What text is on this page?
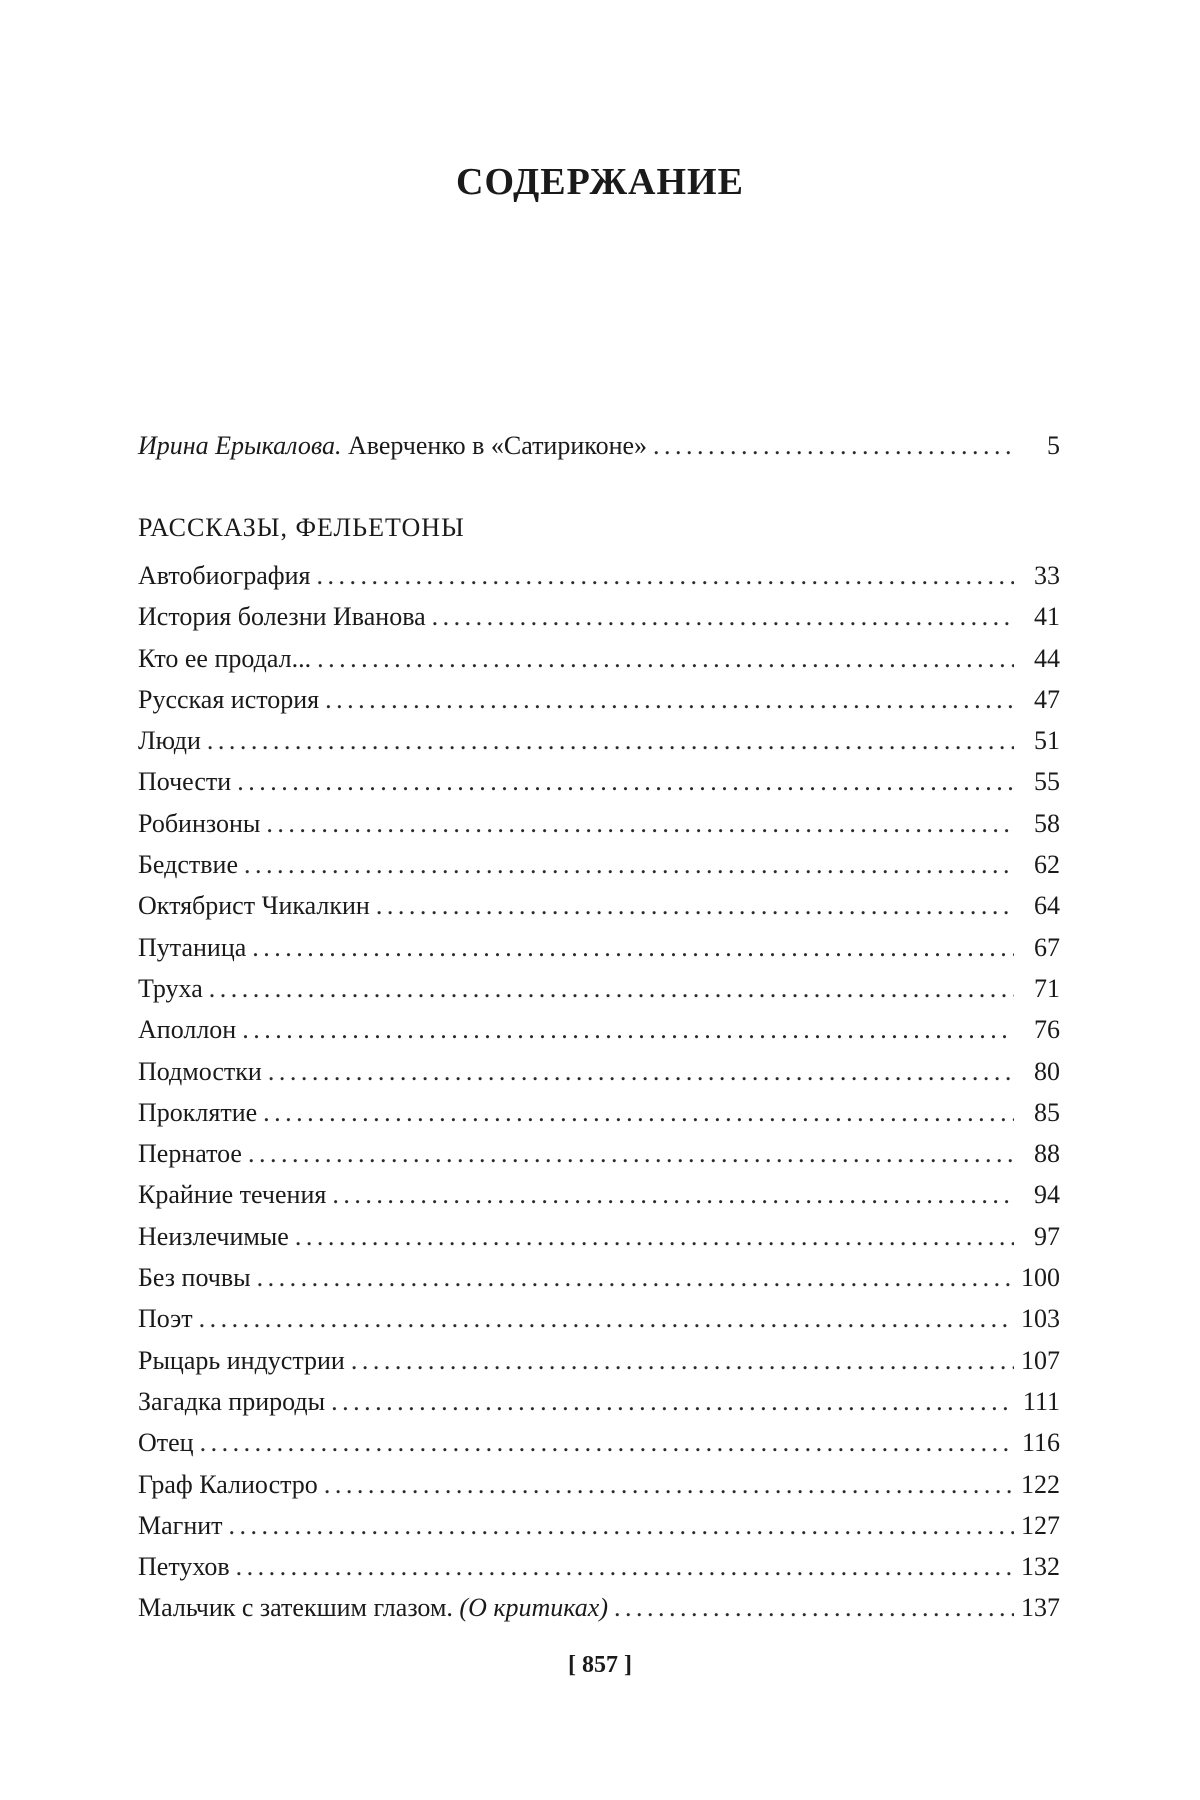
СОДЕРЖАНИЕ
Ирина Ерыкалова. Аверченко в «Сатириконе» . . .	5
РАССКАЗЫ, ФЕЛЬЕТОНЫ
Автобиография . . .	33
История болезни Иванова . . .	41
Кто ее продал... . . .	44
Русская история . . .	47
Люди . . .	51
Почести . . .	55
Робинзоны . . .	58
Бедствие . . .	62
Октябрист Чикалкин . . .	64
Путаница . . .	67
Труха . . .	71
Аполлон . . .	76
Подмостки . . .	80
Проклятие . . .	85
Пернатое . . .	88
Крайние течения . . .	94
Неизлечимые . . .	97
Без почвы . . .	100
Поэт . . .	103
Рыцарь индустрии . . .	107
Загадка природы . . .	111
Отец . . .	116
Граф Калиостро . . .	122
Магнит . . .	127
Петухов . . .	132
Мальчик с затекшим глазом. (О критиках) . . .	137
[ 857 ]
